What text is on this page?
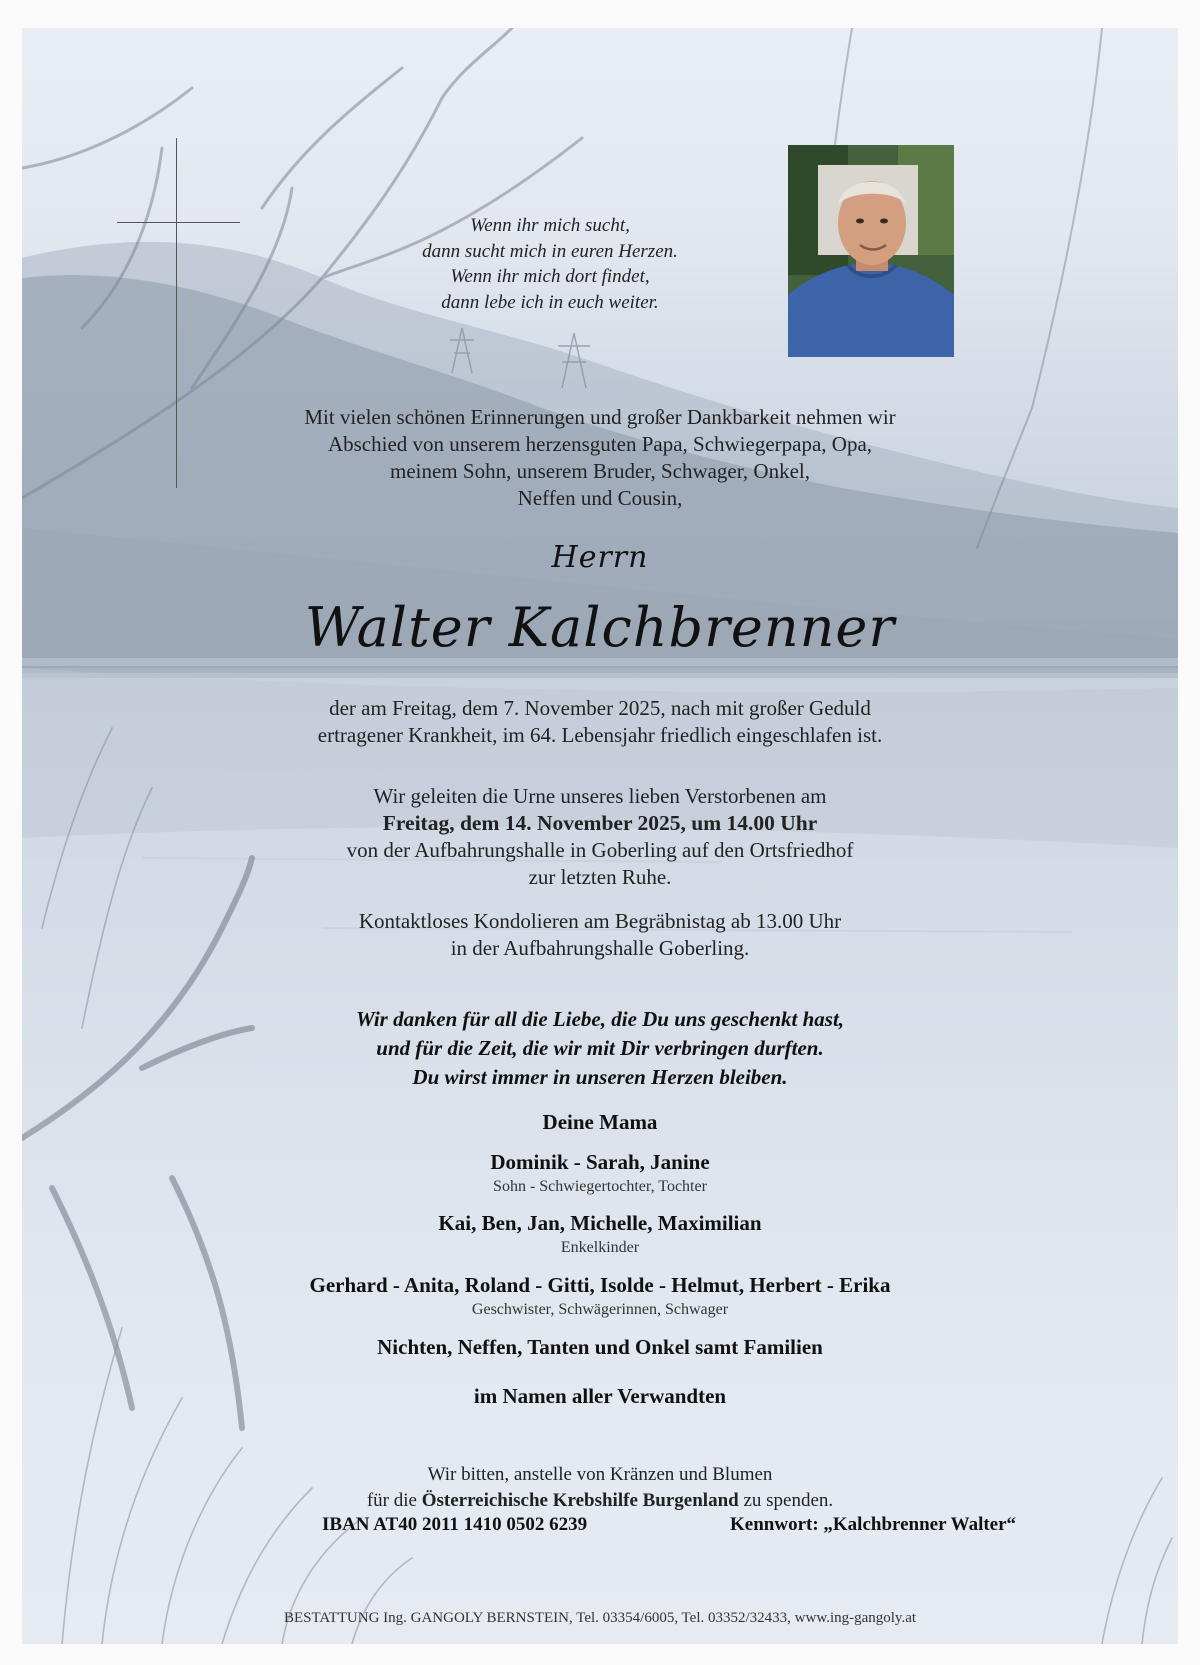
Wenn ihr mich sucht,
dann sucht mich in euren Herzen.
Wenn ihr mich dort findet,
dann lebe ich in euch weiter.
Mit vielen schönen Erinnerungen und großer Dankbarkeit nehmen wir
Abschied von unserem herzensguten Papa, Schwiegerpapa, Opa,
meinem Sohn, unserem Bruder, Schwager, Onkel,
Neffen und Cousin,
Herrn
Walter Kalchbrenner
der am Freitag, dem 7. November 2025, nach mit großer Geduld
ertragener Krankheit, im 64. Lebensjahr friedlich eingeschlafen ist.
Wir geleiten die Urne unseres lieben Verstorbenen am
Freitag, dem 14. November 2025, um 14.00 Uhr
von der Aufbahrungshalle in Goberling auf den Ortsfriedhof
zur letzten Ruhe.
Kontaktloses Kondolieren am Begräbnistag ab 13.00 Uhr
in der Aufbahrungshalle Goberling.
Wir danken für all die Liebe, die Du uns geschenkt hast,
und für die Zeit, die wir mit Dir verbringen durften.
Du wirst immer in unseren Herzen bleiben.
Deine Mama
Dominik - Sarah, Janine
Sohn - Schwiegertochter, Tochter
Kai, Ben, Jan, Michelle, Maximilian
Enkelkinder
Gerhard - Anita, Roland - Gitti, Isolde - Helmut, Herbert - Erika
Geschwister, Schwägerinnen, Schwager
Nichten, Neffen, Tanten und Onkel samt Familien
im Namen aller Verwandten
Wir bitten, anstelle von Kränzen und Blumen
für die Österreichische Krebshilfe Burgenland zu spenden.
IBAN AT40 2011 1410 0502 6239	Kennwort: „Kalchbrenner Walter“
BESTATTUNG Ing. GANGOLY BERNSTEIN, Tel. 03354/6005, Tel. 03352/32433, www.ing-gangoly.at
